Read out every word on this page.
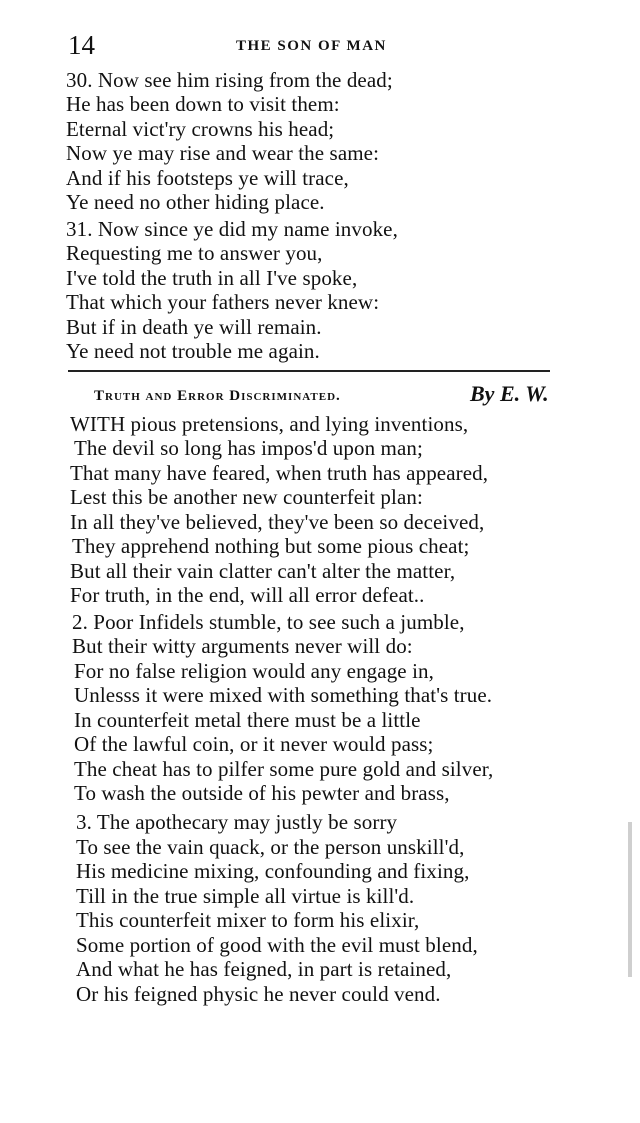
14	THE SON OF MAN
30. Now see him rising from the dead;
He has been down to visit them:
Eternal vict'ry crowns his head;
Now ye may rise and wear the same:
And if his footsteps ye will trace,
Ye need no other hiding place.
31. Now since ye did my name invoke,
Requesting me to answer you,
I've told the truth in all I've spoke,
That which your fathers never knew:
But if in death ye will remain.
Ye need not trouble me again.
Truth and Error Discriminated.	By E. W.
WITH pious pretensions, and lying inventions,
The devil so long has impos'd upon man;
That many have feared, when truth has appeared,
Lest this be another new counterfeit plan:
In all they've believed, they've been so deceived,
They apprehend nothing but some pious cheat;
But all their vain clatter can't alter the matter,
For truth, in the end, will all error defeat..
2. Poor Infidels stumble, to see such a jumble,
But their witty arguments never will do:
For no false religion would any engage in,
Unlesss it were mixed with something that's true.
In counterfeit metal there must be a little
Of the lawful coin, or it never would pass;
The cheat has to pilfer some pure gold and silver,
To wash the outside of his pewter and brass,
3. The apothecary may justly be sorry
To see the vain quack, or the person unskill'd,
His medicine mixing, confounding and fixing,
Till in the true simple all virtue is kill'd.
This counterfeit mixer to form his elixir,
Some portion of good with the evil must blend,
And what he has feigned, in part is retained,
Or his feigned physic he never could vend.
